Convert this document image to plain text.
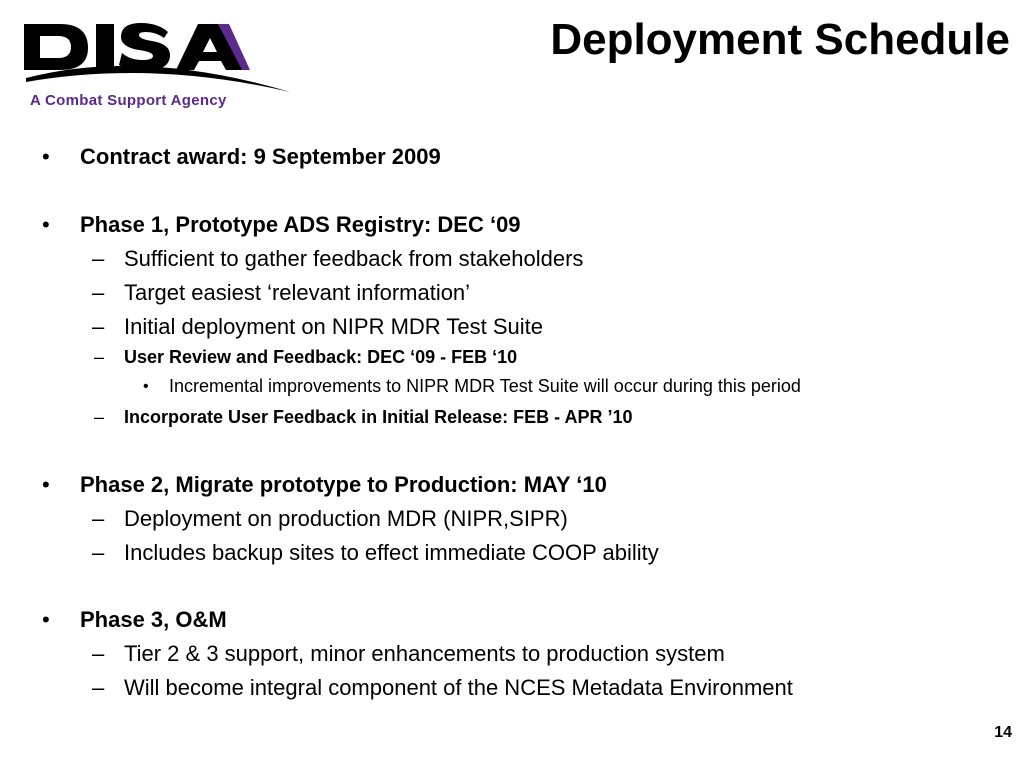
A Combat Support Agency
Deployment Schedule
• Contract award: 9 September 2009
• Phase 1, Prototype ADS Registry: DEC ‘09
– Sufficient to gather feedback from stakeholders
– Target easiest ‘relevant information’
– Initial deployment on NIPR MDR Test Suite
– User Review and Feedback: DEC ‘09 - FEB ‘10
• Incremental improvements to NIPR MDR Test Suite will occur during this period
– Incorporate User Feedback in Initial Release: FEB - APR ’10
• Phase 2, Migrate prototype to Production: MAY ‘10
– Deployment on production MDR (NIPR,SIPR)
– Includes backup sites to effect immediate COOP ability
• Phase 3, O&M
– Tier 2 & 3 support, minor enhancements to production system
– Will become integral component of the NCES Metadata Environment
14
